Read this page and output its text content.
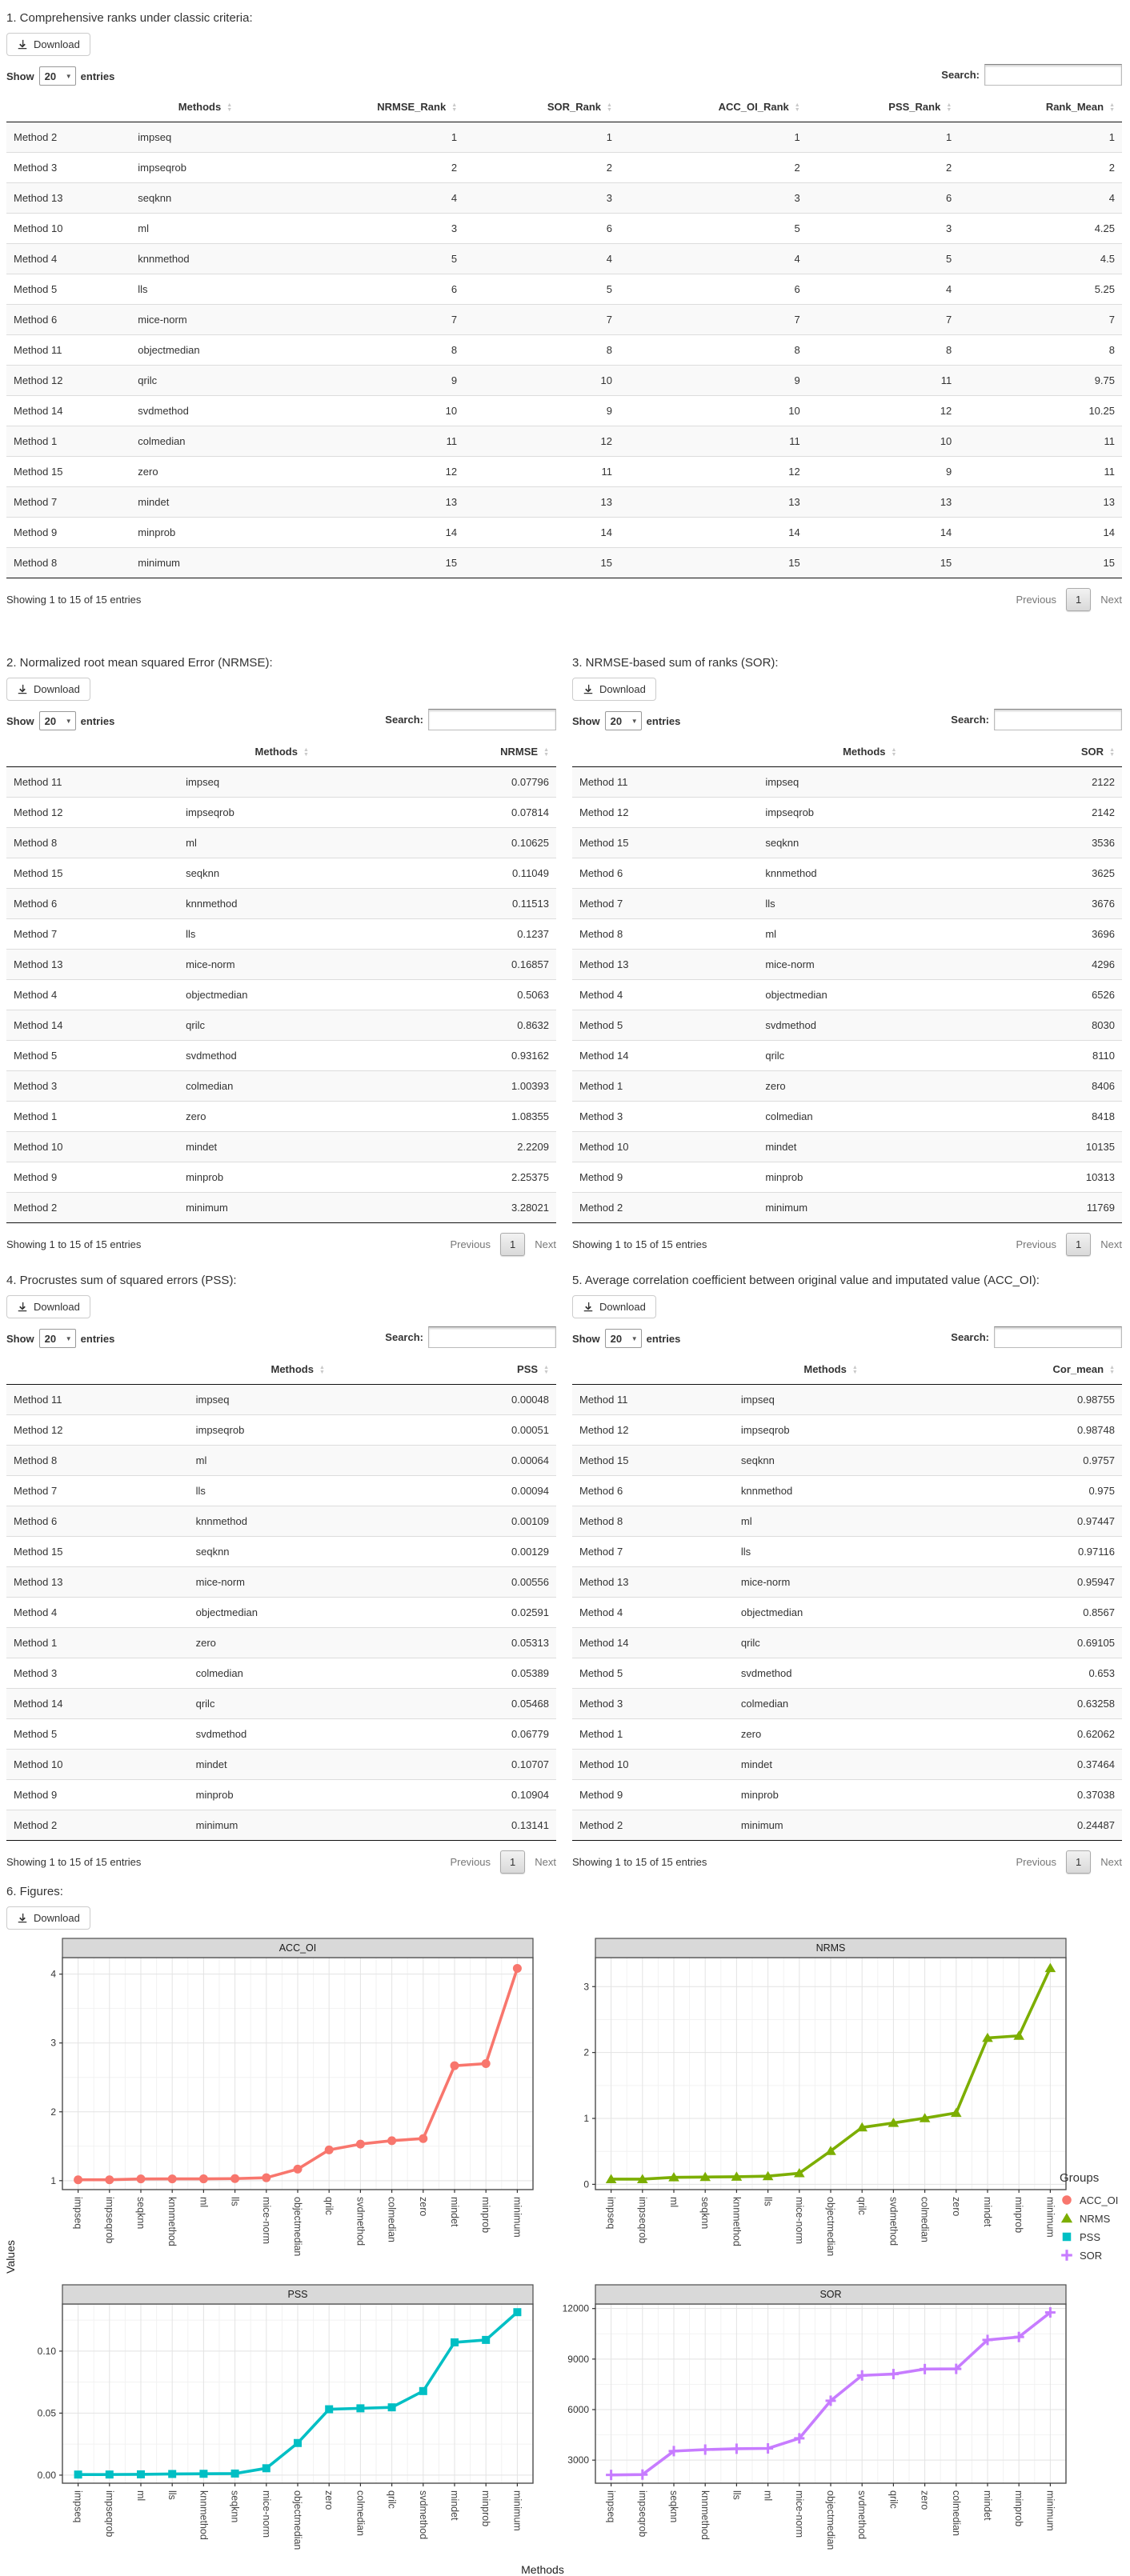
1. Comprehensive ranks under classic criteria:
Download
Show 20 ▼ entries	Search:
	Methods ▲
▼	NRMSE_Rank ▲
▼	SOR_Rank ▲
▼	ACC_OI_Rank ▲
▼	PSS_Rank ▲
▼	Rank_Mean ▲
▼

Method 2	impseq	1	1	1	1	1
Method 3	impseqrob	2	2	2	2	2
Method 13	seqknn	4	3	3	6	4
Method 10	ml	3	6	5	3	4.25
Method 4	knnmethod	5	4	4	5	4.5
Method 5	lls	6	5	6	4	5.25
Method 6	mice-norm	7	7	7	7	7
Method 11	objectmedian	8	8	8	8	8
Method 12	qrilc	9	10	9	11	9.75
Method 14	svdmethod	10	9	10	12	10.25
Method 1	colmedian	11	12	11	10	11
Method 15	zero	12	11	12	9	11
Method 7	mindet	13	13	13	13	13
Method 9	minprob	14	14	14	14	14
Method 8	minimum	15	15	15	15	15
Showing 1 to 15 of 15 entries	Previous	1	Next
2. Normalized root mean squared Error (NRMSE):
Download
Show 20 ▼ entries	Search:
	Methods ▲
▼	NRMSE ▲
▼

Method 11	impseq	0.07796
Method 12	impseqrob	0.07814
Method 8	ml	0.10625
Method 15	seqknn	0.11049
Method 6	knnmethod	0.11513
Method 7	lls	0.1237
Method 13	mice-norm	0.16857
Method 4	objectmedian	0.5063
Method 14	qrilc	0.8632
Method 5	svdmethod	0.93162
Method 3	colmedian	1.00393
Method 1	zero	1.08355
Method 10	mindet	2.2209
Method 9	minprob	2.25375
Method 2	minimum	3.28021
Showing 1 to 15 of 15 entries	Previous	1	Next
3. NRMSE-based sum of ranks (SOR):
Download
Show 20 ▼ entries	Search:
	Methods ▲
▼	SOR ▲
▼

Method 11	impseq	2122
Method 12	impseqrob	2142
Method 15	seqknn	3536
Method 6	knnmethod	3625
Method 7	lls	3676
Method 8	ml	3696
Method 13	mice-norm	4296
Method 4	objectmedian	6526
Method 5	svdmethod	8030
Method 14	qrilc	8110
Method 1	zero	8406
Method 3	colmedian	8418
Method 10	mindet	10135
Method 9	minprob	10313
Method 2	minimum	11769
Showing 1 to 15 of 15 entries	Previous	1	Next
4. Procrustes sum of squared errors (PSS):
Download
Show 20 ▼ entries	Search:
	Methods ▲
▼	PSS ▲
▼

Method 11	impseq	0.00048
Method 12	impseqrob	0.00051
Method 8	ml	0.00064
Method 7	lls	0.00094
Method 6	knnmethod	0.00109
Method 15	seqknn	0.00129
Method 13	mice-norm	0.00556
Method 4	objectmedian	0.02591
Method 1	zero	0.05313
Method 3	colmedian	0.05389
Method 14	qrilc	0.05468
Method 5	svdmethod	0.06779
Method 10	mindet	0.10707
Method 9	minprob	0.10904
Method 2	minimum	0.13141
Showing 1 to 15 of 15 entries	Previous	1	Next
5. Average correlation coefficient between original value and imputated value (ACC_OI):
Download
Show 20 ▼ entries	Search:
	Methods ▲
▼	Cor_mean ▲
▼

Method 11	impseq	0.98755
Method 12	impseqrob	0.98748
Method 15	seqknn	0.9757
Method 6	knnmethod	0.975
Method 8	ml	0.97447
Method 7	lls	0.97116
Method 13	mice-norm	0.95947
Method 4	objectmedian	0.8567
Method 14	qrilc	0.69105
Method 5	svdmethod	0.653
Method 3	colmedian	0.63258
Method 1	zero	0.62062
Method 10	mindet	0.37464
Method 9	minprob	0.37038
Method 2	minimum	0.24487
Showing 1 to 15 of 15 entries	Previous	1	Next
6. Figures:
Download
Values
ACC_OI
1
2
3
4
impseq impseqrob seqknn knnmethod ml lls mice-norm objectmedian qrilc svdmethod colmedian zero mindet minprob minimum
NRMS
0
1
2
3
impseq impseqrob ml seqknn knnmethod lls mice-norm objectmedian qrilc svdmethod colmedian zero mindet minprob minimum
PSS
0.00
0.05
0.10
impseq impseqrob ml lls knnmethod seqknn mice-norm objectmedian zero colmedian qrilc svdmethod mindet minprob minimum
SOR
3000
6000
9000
12000
impseq impseqrob seqknn knnmethod lls ml mice-norm objectmedian svdmethod qrilc zero colmedian mindet minprob minimum
Methods
Groups
ACC_OI
NRMS
PSS
SOR
